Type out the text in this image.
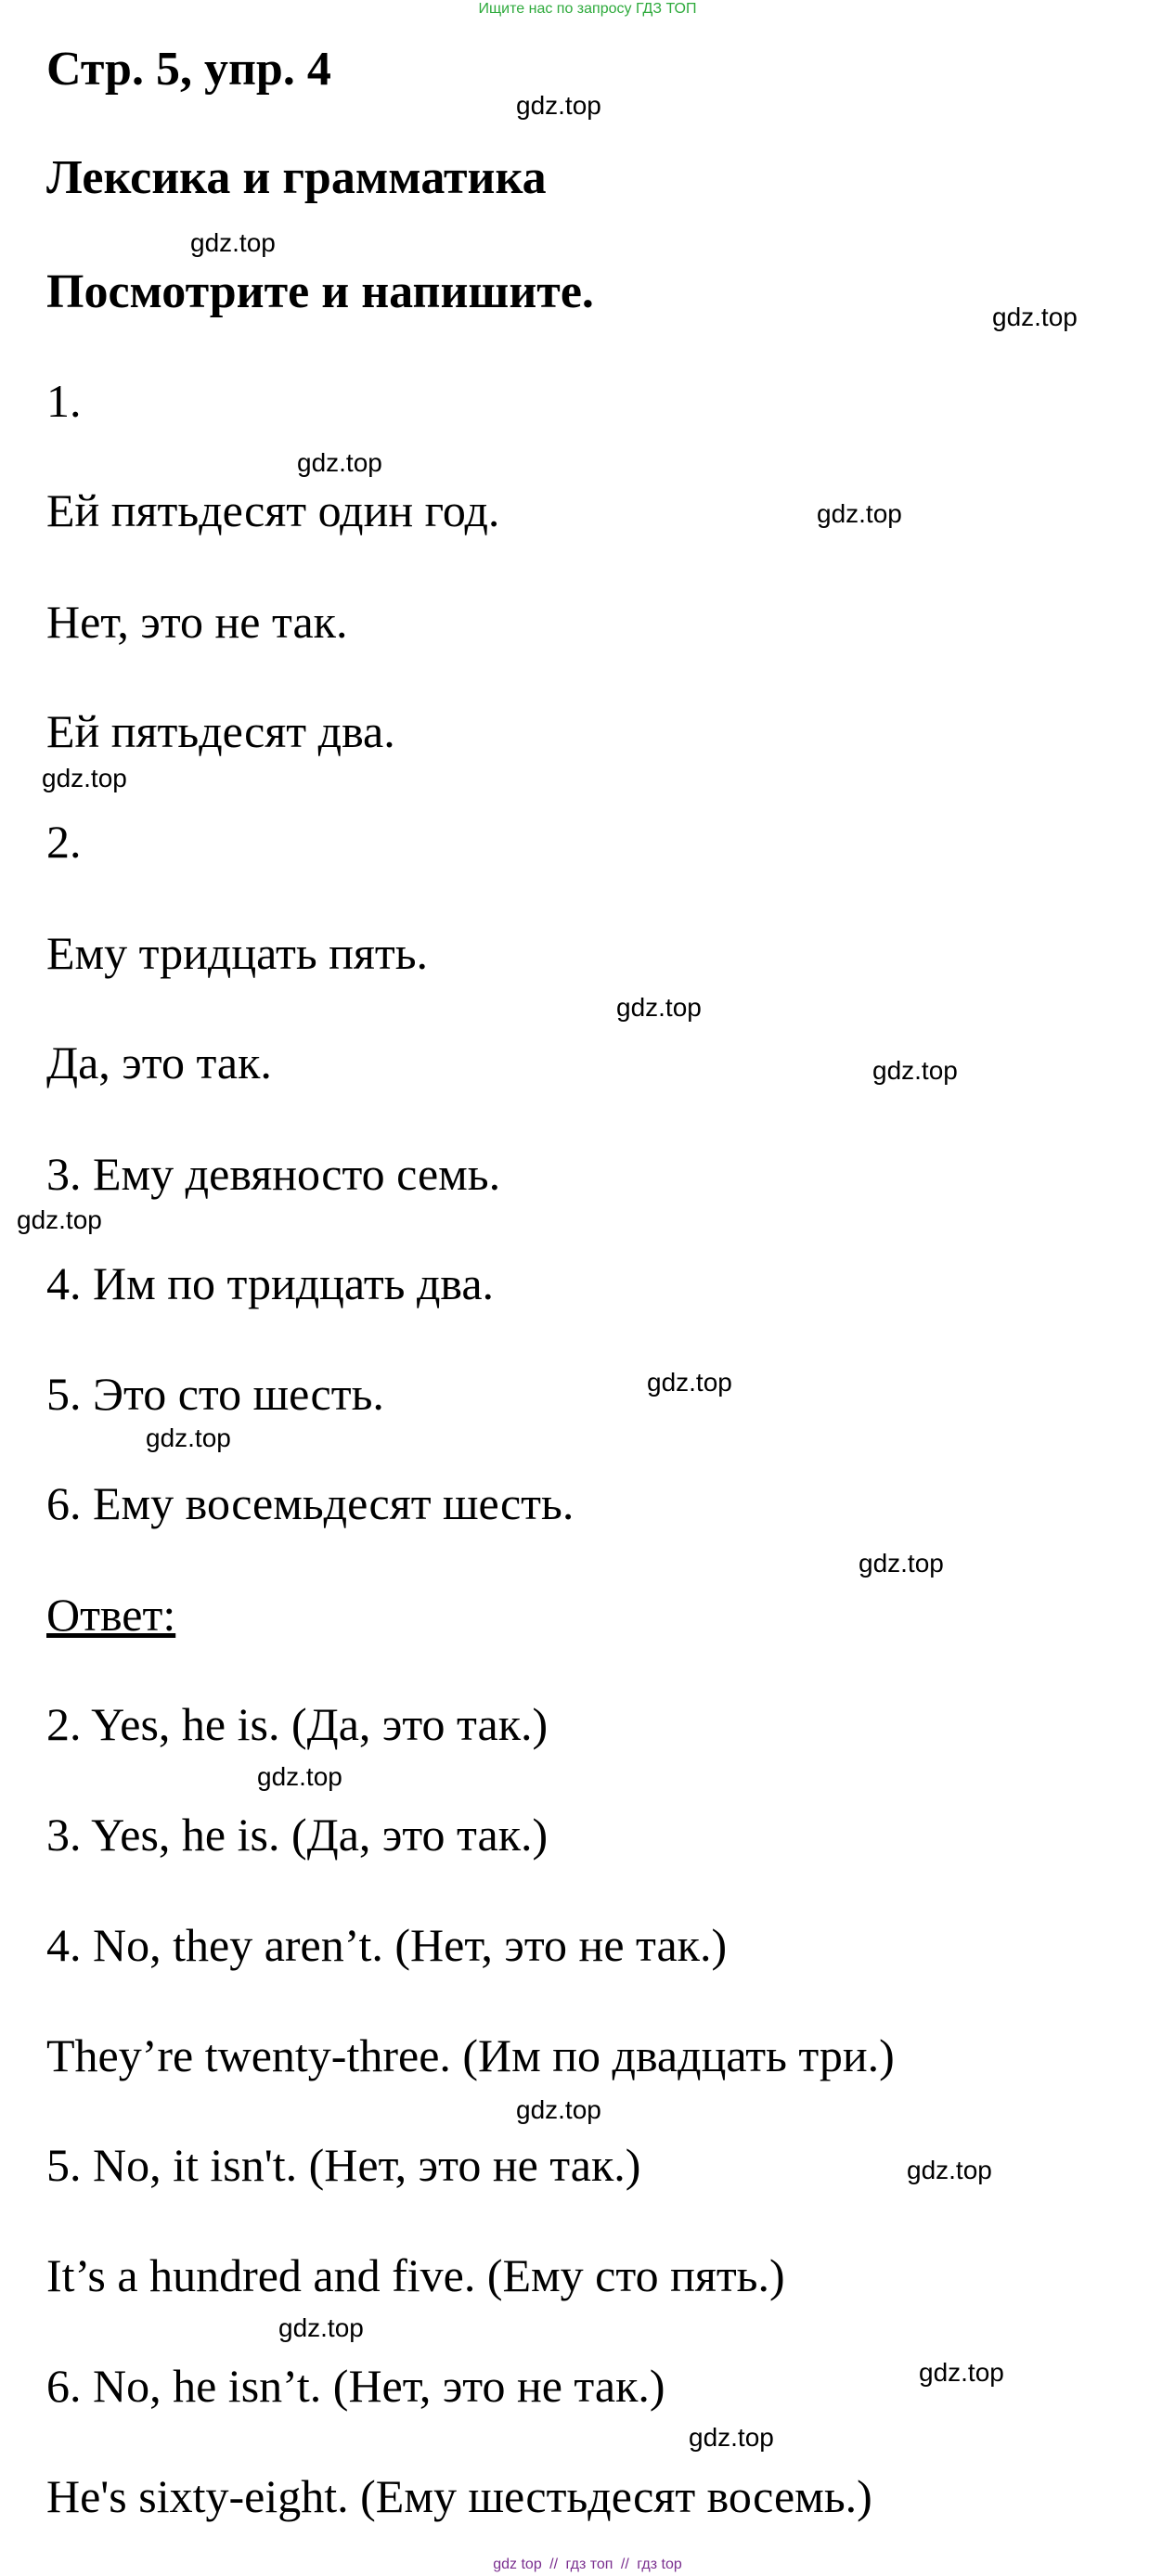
Ищите нас по запросу ГДЗ ТОП
Стр. 5, упр. 4
Лексика и грамматика
Посмотрите и напишите.
1.
Ей пятьдесят один год.
Нет, это не так.
Ей пятьдесят два.
2.
Ему тридцать пять.
Да, это так.
3. Ему девяносто семь.
4. Им по тридцать два.
5. Это сто шесть.
6. Ему восемьдесят шесть.
Ответ:
2. Yes, he is. (Да, это так.)
3. Yes, he is. (Да, это так.)
4. No, they aren’t. (Нет, это не так.)
They’re twenty-three. (Им по двадцать три.)
5. No, it isn't. (Нет, это не так.)
It’s a hundred and five. (Ему сто пять.)
6. No, he isn’t. (Нет, это не так.)
He's sixty-eight. (Ему шестьдесят восемь.)
gdz.top
gdz.top
gdz.top
gdz.top
gdz.top
gdz.top
gdz.top
gdz.top
gdz.top
gdz.top
gdz.top
gdz.top
gdz.top
gdz.top
gdz.top
gdz.top
gdz.top
gdz.top
gdz top // гдз топ // гдз top
